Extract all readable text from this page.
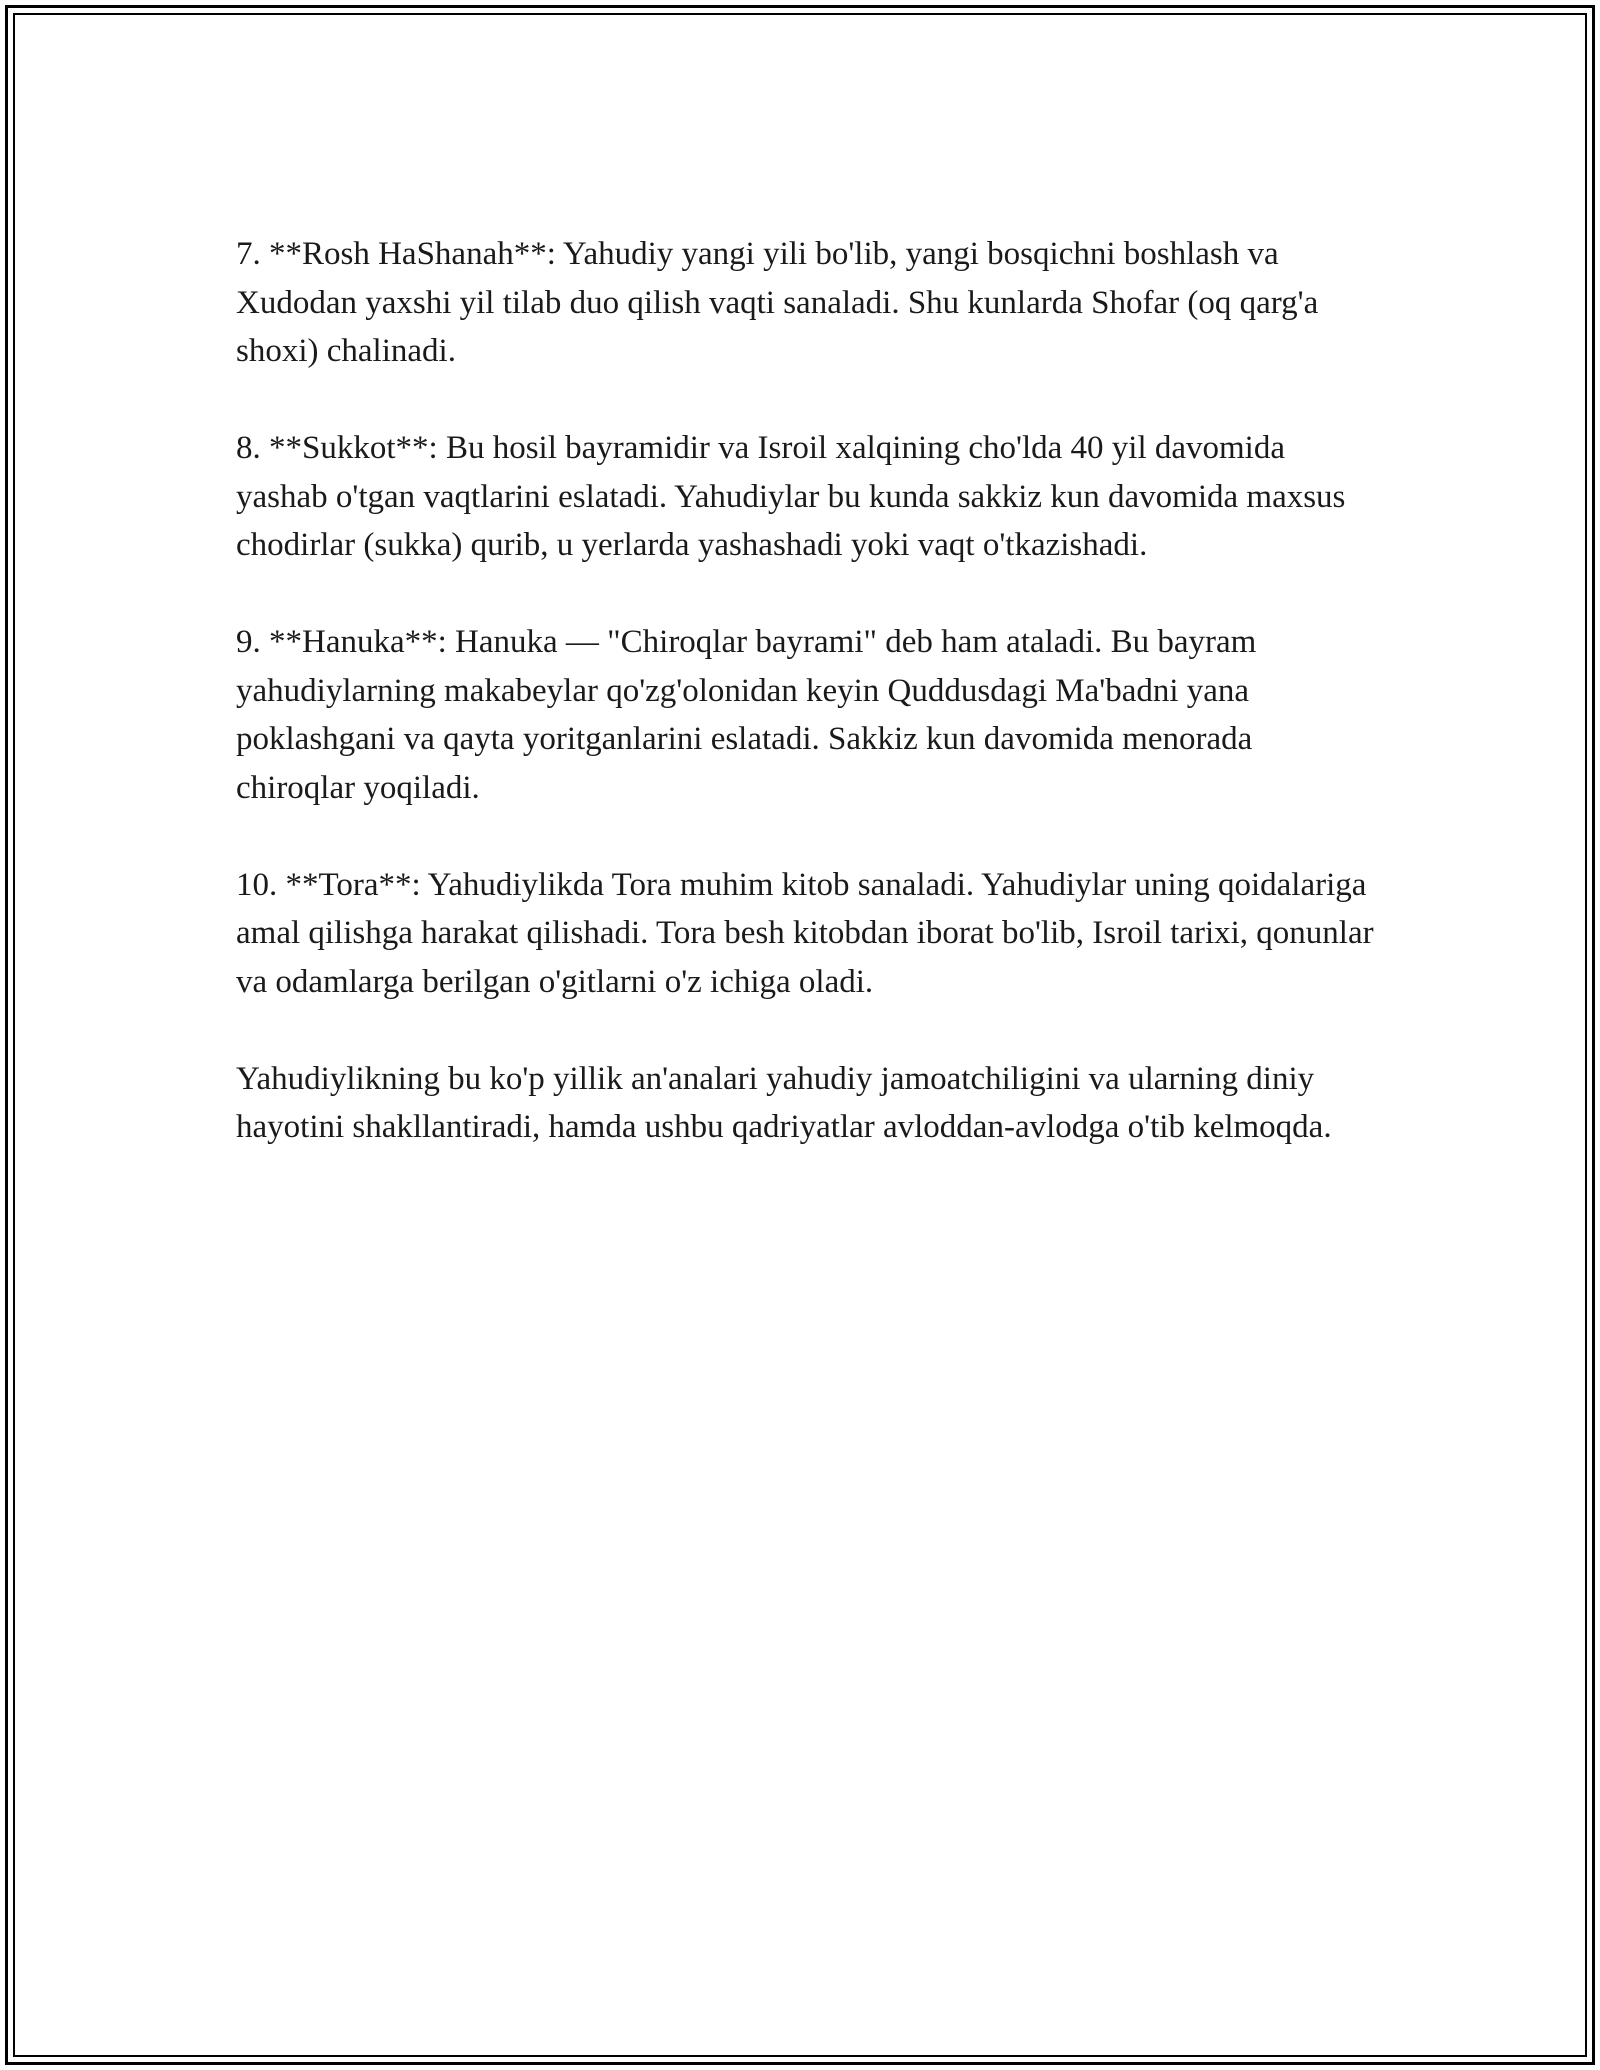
7. **Rosh HaShanah**: Yahudiy yangi yili bo'lib, yangi bosqichni boshlash va Xudodan yaxshi yil tilab duo qilish vaqti sanaladi. Shu kunlarda Shofar (oq qarg'a shoxi) chalinadi.

8. **Sukkot**: Bu hosil bayramidir va Isroil xalqining cho'lda 40 yil davomida yashab o'tgan vaqtlarini eslatadi. Yahudiylar bu kunda sakkiz kun davomida maxsus chodirlar (sukka) qurib, u yerlarda yashashadi yoki vaqt o'tkazishadi.

9. **Hanuka**: Hanuka — "Chiroqlar bayrami" deb ham ataladi. Bu bayram yahudiylarning makabeylar qo'zg'olonidan keyin Quddusdagi Ma'badni yana poklashgani va qayta yoritganlarini eslatadi. Sakkiz kun davomida menorada chiroqlar yoqiladi.

10. **Tora**: Yahudiylikda Tora muhim kitob sanaladi. Yahudiylar uning qoidalariga amal qilishga harakat qilishadi. Tora besh kitobdan iborat bo'lib, Isroil tarixi, qonunlar va odamlarga berilgan o'gitlarni o'z ichiga oladi.

Yahudiylikning bu ko'p yillik an'analari yahudiy jamoatchiligini va ularning diniy hayotini shakllantiradi, hamda ushbu qadriyatlar avloddan-avlodga o'tib kelmoqda.
